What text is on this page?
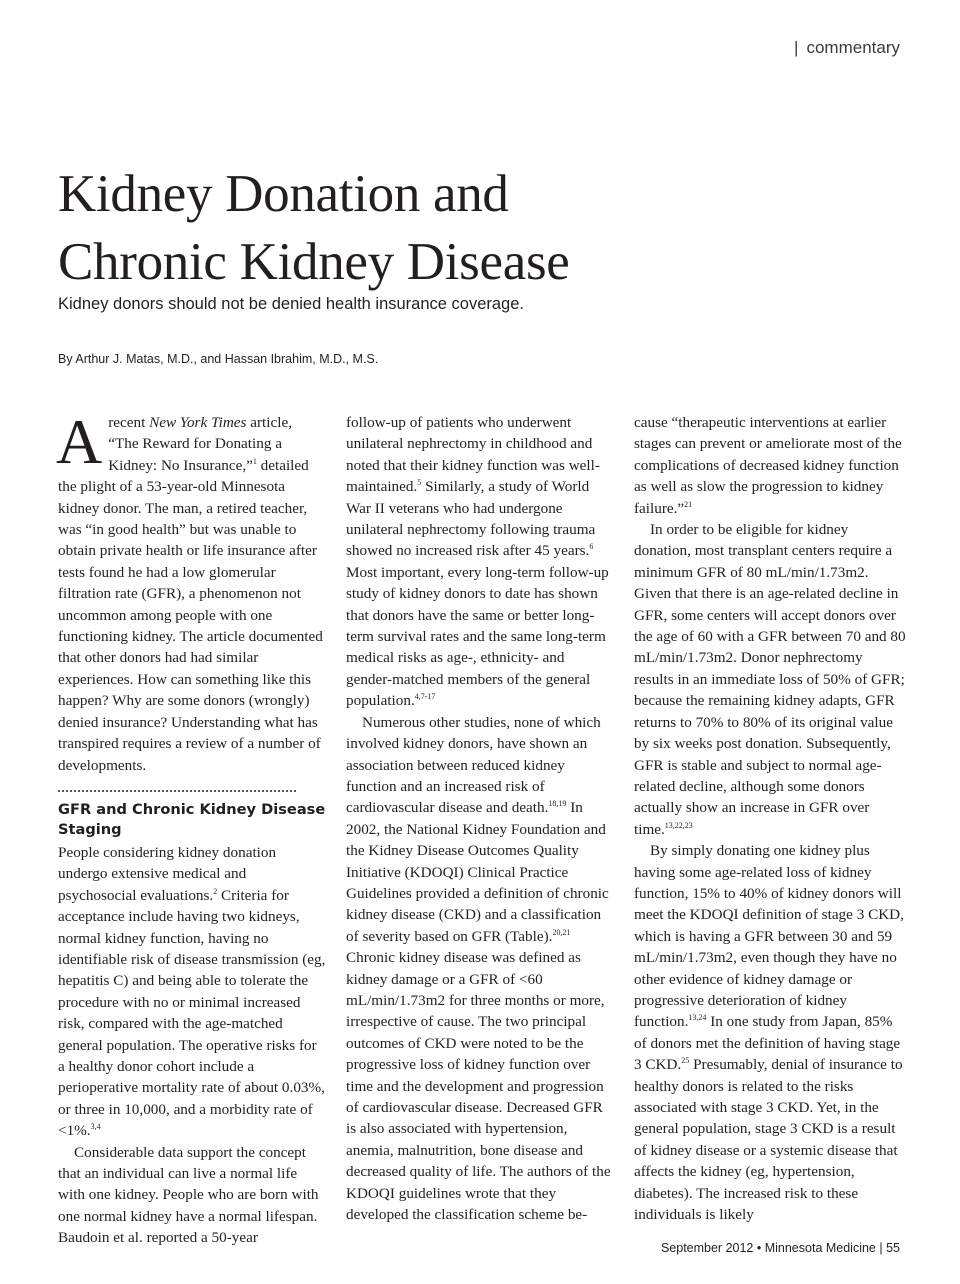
| commentary
Kidney Donation and
Chronic Kidney Disease
Kidney donors should not be denied health insurance coverage.
By Arthur J. Matas, M.D., and Hassan Ibrahim, M.D., M.S.

A recent New York Times article, “The Reward for Donating a Kidney: No Insurance,”$^1$ detailed the plight of a 53-year-old Minnesota kidney donor. The man, a retired teacher, was “in good health” but was unable to obtain private health or life insurance after tests found he had a low glomerular filtration rate (GFR), a phenomenon not uncommon among people with one functioning kidney. The article documented that other donors had had similar experiences. How can something like this happen? Why are some donors (wrongly) denied insurance? Understanding what has transpired requires a review of a number of developments.

GFR and Chronic Kidney Disease Staging

People considering kidney donation undergo extensive medical and psychosocial evaluations.$^2$ Criteria for acceptance include having two kidneys, normal kidney function, having no identifiable risk of disease transmission (eg, hepatitis C) and being able to tolerate the procedure with no or minimal increased risk, compared with the age-matched general population. The operative risks for a healthy donor cohort include a perioperative mortality rate of about 0.03%, or three in 10,000, and a morbidity rate of <1%.$^{3,4}$

Considerable data support the concept that an individual can live a normal life with one kidney. People who are born with one normal kidney have a normal lifespan. Baudoin et al. reported a 50-year

follow-up of patients who underwent unilateral nephrectomy in childhood and noted that their kidney function was well-maintained.$^5$ Similarly, a study of World War II veterans who had undergone unilateral nephrectomy following trauma showed no increased risk after 45 years.$^6$ Most important, every long-term follow-up study of kidney donors to date has shown that donors have the same or better long-term survival rates and the same long-term medical risks as age-, ethnicity- and gender-matched members of the general population.$^{4,7-17}$

Numerous other studies, none of which involved kidney donors, have shown an association between reduced kidney function and an increased risk of cardiovascular disease and death.$^{18,19}$ In 2002, the National Kidney Foundation and the Kidney Disease Outcomes Quality Initiative (KDOQI) Clinical Practice Guidelines provided a definition of chronic kidney disease (CKD) and a classification of severity based on GFR (Table).$^{20,21}$ Chronic kidney disease was defined as kidney damage or a GFR of <60 mL/min/1.73m2 for three months or more, irrespective of cause. The two principal outcomes of CKD were noted to be the progressive loss of kidney function over time and the development and progression of cardiovascular disease. Decreased GFR is also associated with hypertension, anemia, malnutrition, bone disease and decreased quality of life. The authors of the KDOQI guidelines wrote that they developed the classification scheme be-

cause “therapeutic interventions at earlier stages can prevent or ameliorate most of the complications of decreased kidney function as well as slow the progression to kidney failure.”$^{21}$

In order to be eligible for kidney donation, most transplant centers require a minimum GFR of 80 mL/min/1.73m2. Given that there is an age-related decline in GFR, some centers will accept donors over the age of 60 with a GFR between 70 and 80 mL/min/1.73m2. Donor nephrectomy results in an immediate loss of 50% of GFR; because the remaining kidney adapts, GFR returns to 70% to 80% of its original value by six weeks post donation. Subsequently, GFR is stable and subject to normal age-related decline, although some donors actually show an increase in GFR over time.$^{13,22,23}$

By simply donating one kidney plus having some age-related loss of kidney function, 15% to 40% of kidney donors will meet the KDOQI definition of stage 3 CKD, which is having a GFR between 30 and 59 mL/min/1.73m2, even though they have no other evidence of kidney damage or progressive deterioration of kidney function.$^{13,24}$ In one study from Japan, 85% of donors met the definition of having stage 3 CKD.$^{25}$ Presumably, denial of insurance to healthy donors is related to the risks associated with stage 3 CKD. Yet, in the general population, stage 3 CKD is a result of kidney disease or a systemic disease that affects the kidney (eg, hypertension, diabetes). The increased risk to these individuals is likely

September 2012 • Minnesota Medicine | 55
